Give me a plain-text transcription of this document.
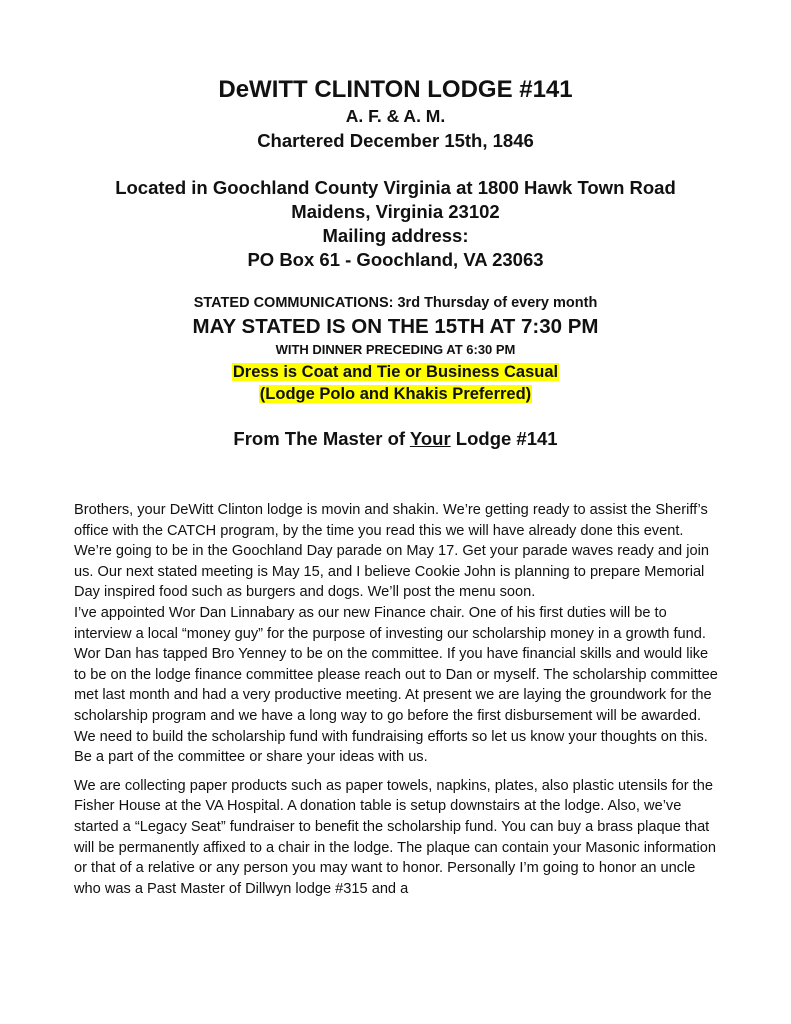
DeWITT CLINTON LODGE #141
A. F. & A. M.
Chartered December 15th, 1846
Located in Goochland County Virginia at 1800 Hawk Town Road
Maidens, Virginia 23102
Mailing address:
PO Box 61 - Goochland, VA 23063
STATED COMMUNICATIONS: 3rd Thursday of every month
MAY STATED IS ON THE 15TH AT 7:30 PM
WITH DINNER PRECEDING AT 6:30 PM
Dress is Coat and Tie or Business Casual
(Lodge Polo and Khakis Preferred)
From The Master of Your Lodge #141

Brothers, your DeWitt Clinton lodge is movin and shakin. We’re getting ready to assist the Sheriff’s office with the CATCH program, by the time you read this we will have already done this event. We’re going to be in the Goochland Day parade on May 17. Get your parade waves ready and join us. Our next stated meeting is May 15, and I believe Cookie John is planning to prepare Memorial Day inspired food such as burgers and dogs. We’ll post the menu soon.

I’ve appointed Wor Dan Linnabary as our new Finance chair. One of his first duties will be to interview a local “money guy” for the purpose of investing our scholarship money in a growth fund. Wor Dan has tapped Bro Yenney to be on the committee. If you have financial skills and would like to be on the lodge finance committee please reach out to Dan or myself. The scholarship committee met last month and had a very productive meeting. At present we are laying the groundwork for the scholarship program and we have a long way to go before the first disbursement will be awarded. We need to build the scholarship fund with fundraising efforts so let us know your thoughts on this. Be a part of the committee or share your ideas with us.

We are collecting paper products such as paper towels, napkins, plates, also plastic utensils for the Fisher House at the VA Hospital. A donation table is setup downstairs at the lodge. Also, we’ve started a “Legacy Seat” fundraiser to benefit the scholarship fund. You can buy a brass plaque that will be permanently affixed to a chair in the lodge. The plaque can contain your Masonic information or that of a relative or any person you may want to honor. Personally I’m going to honor an uncle who was a Past Master of Dillwyn lodge #315 and a
